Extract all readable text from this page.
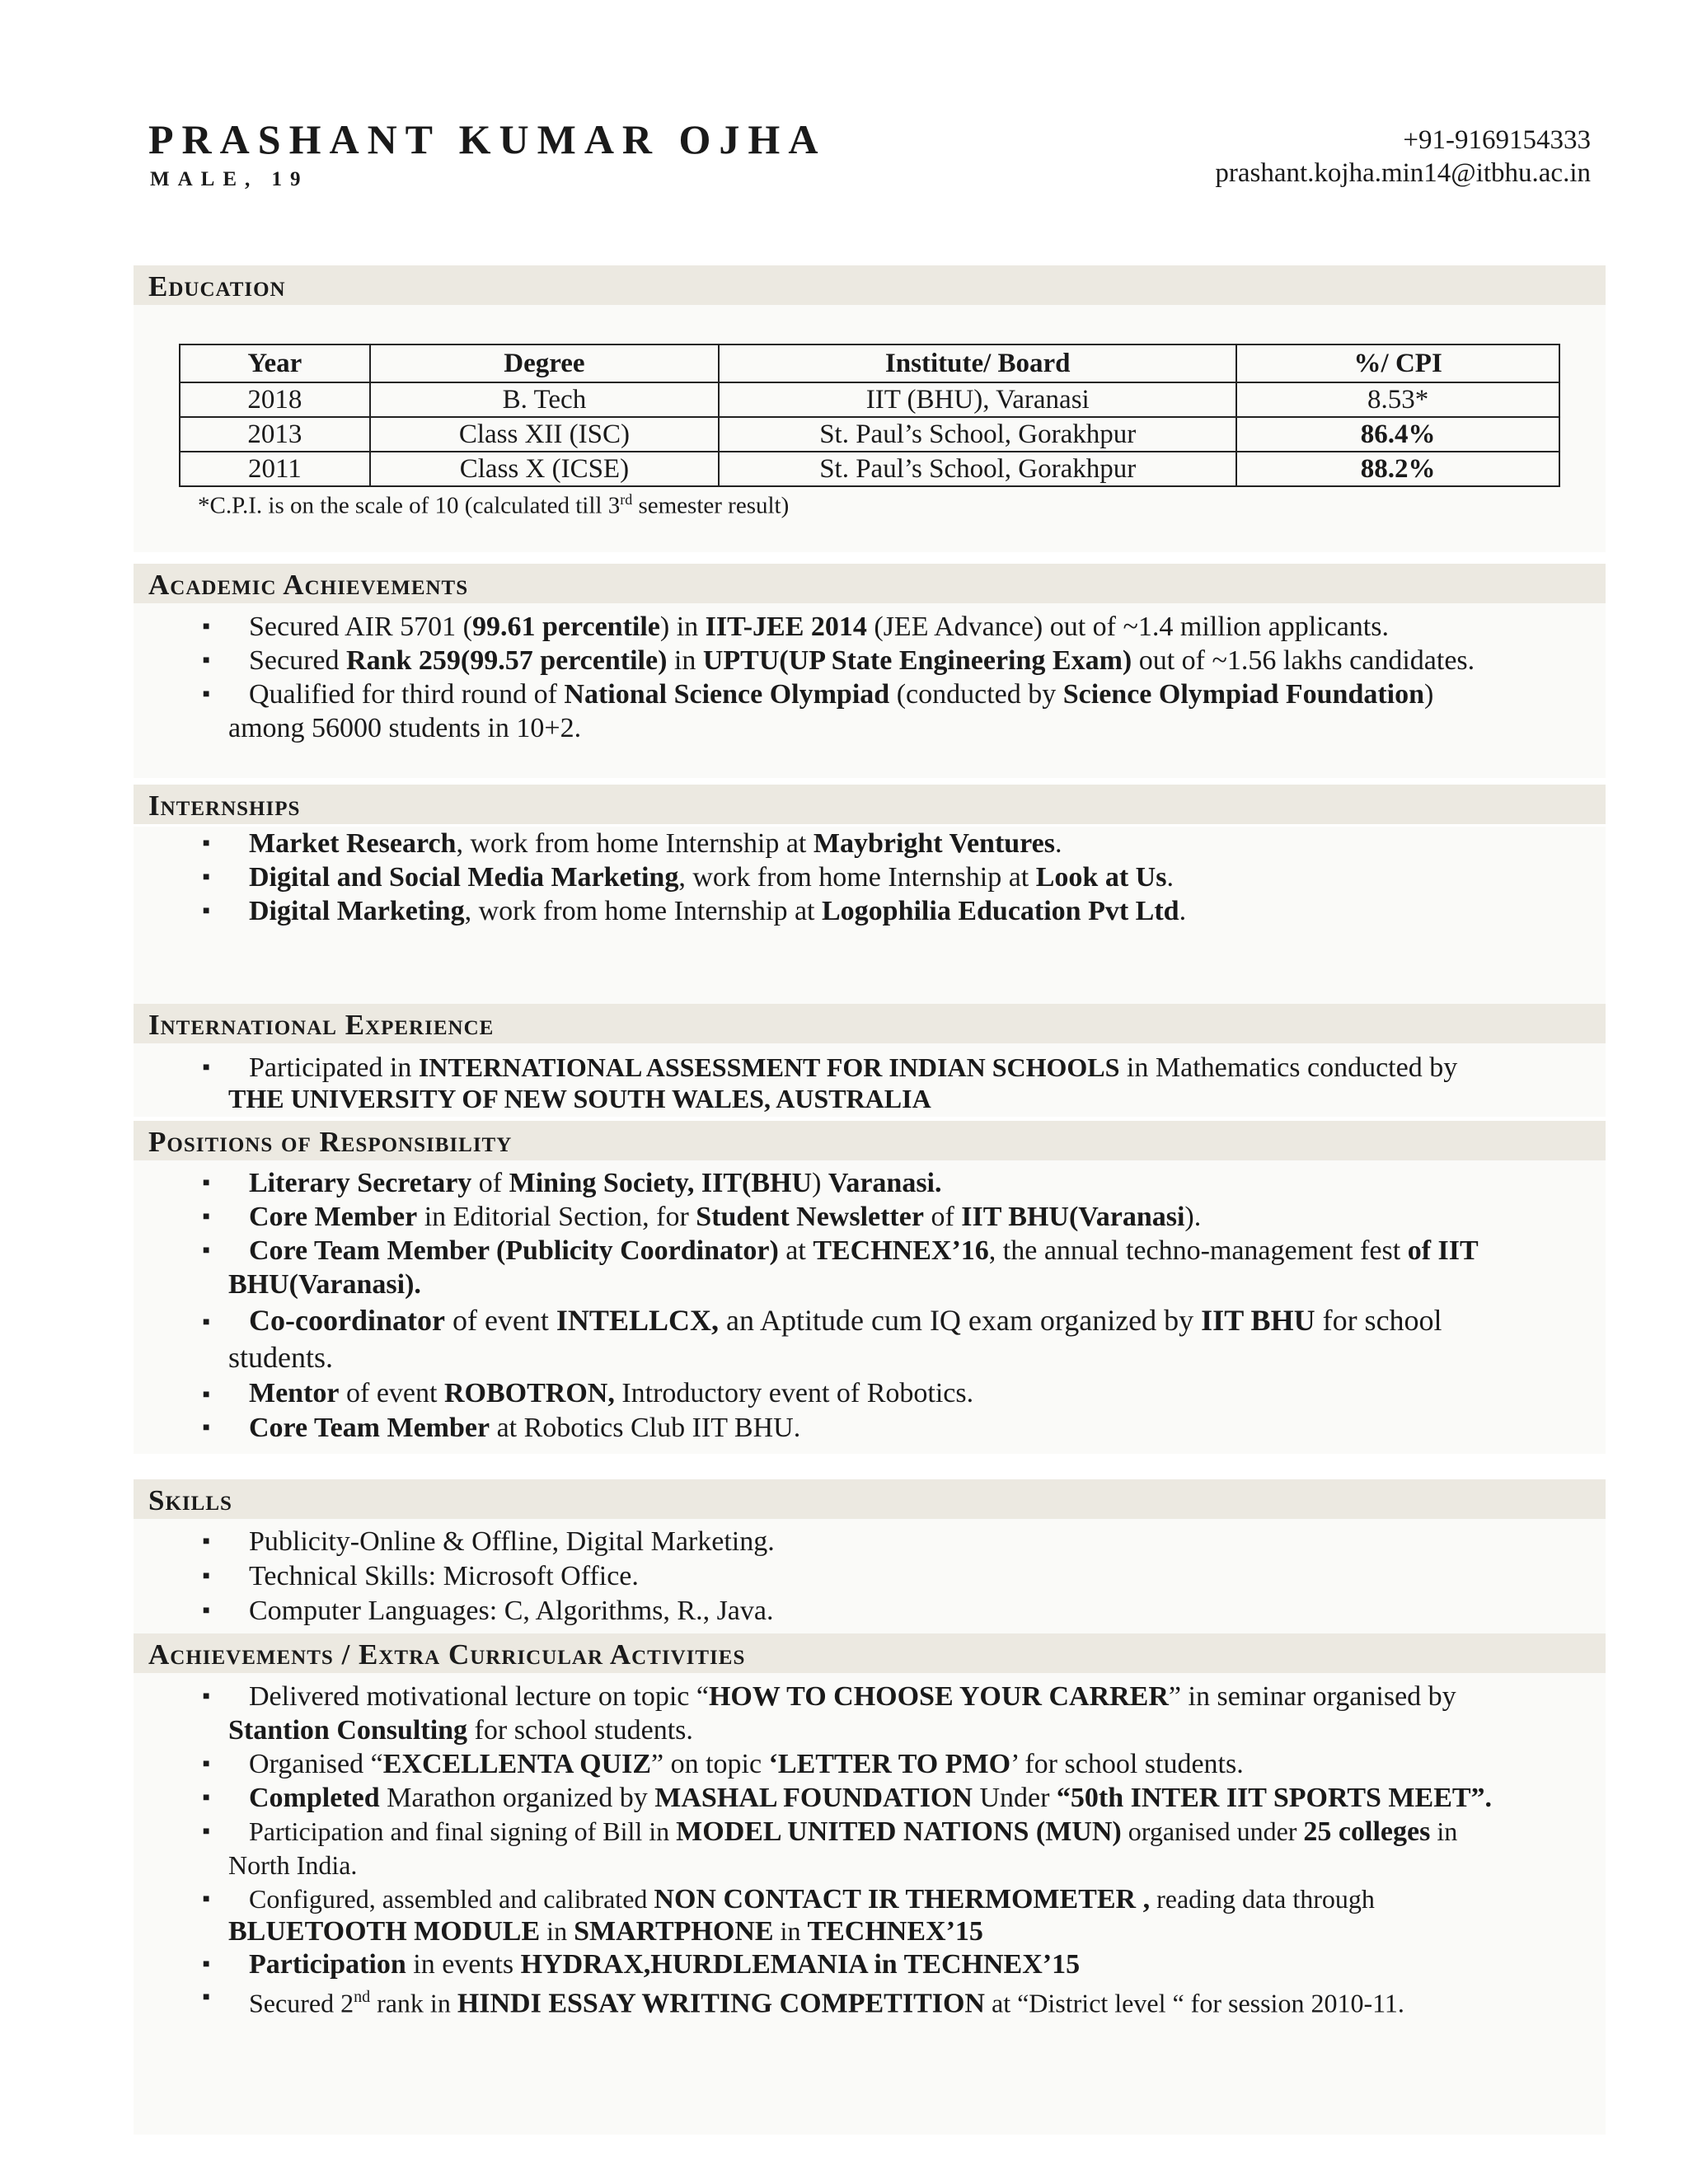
PRASHANT KUMAR OJHA
MALE, 19
+91-9169154333
prashant.kojha.min14@itbhu.ac.in
Education
Year	Degree	Institute/ Board	%/ CPI
2018	B. Tech	IIT (BHU), Varanasi	8.53*
2013	Class XII (ISC)	St. Paul’s School, Gorakhpur	86.4%
2011	Class X (ICSE)	St. Paul’s School, Gorakhpur	88.2%
*C.P.I. is on the scale of 10 (calculated till 3rd semester result)
Academic Achievements
■ Secured AIR 5701 (99.61 percentile) in IIT-JEE 2014 (JEE Advance) out of ~1.4 million applicants.
■ Secured Rank 259(99.57 percentile) in UPTU(UP State Engineering Exam) out of ~1.56 lakhs candidates.
■ Qualified for third round of National Science Olympiad (conducted by Science Olympiad Foundation)
among 56000 students in 10+2.
Internships
■ Market Research, work from home Internship at Maybright Ventures.
■ Digital and Social Media Marketing, work from home Internship at Look at Us.
■ Digital Marketing, work from home Internship at Logophilia Education Pvt Ltd.
International Experience
■ Participated in INTERNATIONAL ASSESSMENT FOR INDIAN SCHOOLS in Mathematics conducted by
THE UNIVERSITY OF NEW SOUTH WALES, AUSTRALIA
Positions of Responsibility
■ Literary Secretary of Mining Society, IIT(BHU) Varanasi.
■ Core Member in Editorial Section, for Student Newsletter of IIT BHU(Varanasi).
■ Core Team Member (Publicity Coordinator) at TECHNEX’16, the annual techno-management fest of IIT
BHU(Varanasi).
■ Co-coordinator of event INTELLCX, an Aptitude cum IQ exam organized by IIT BHU for school
students.
■ Mentor of event ROBOTRON, Introductory event of Robotics.
■ Core Team Member at Robotics Club IIT BHU.
Skills
■ Publicity-Online & Offline, Digital Marketing.
■ Technical Skills: Microsoft Office.
■ Computer Languages: C, Algorithms, R., Java.
Achievements / Extra Curricular Activities
■ Delivered motivational lecture on topic “HOW TO CHOOSE YOUR CARRER” in seminar organised by
Stantion Consulting for school students.
■ Organised “EXCELLENTA QUIZ” on topic ‘LETTER TO PMO’ for school students.
■ Completed Marathon organized by MASHAL FOUNDATION Under “50th INTER IIT SPORTS MEET”.
■ Participation and final signing of Bill in MODEL UNITED NATIONS (MUN) organised under 25 colleges in
North India.
■ Configured, assembled and calibrated NON CONTACT IR THERMOMETER , reading data through
BLUETOOTH MODULE in SMARTPHONE in TECHNEX’15
■ Participation in events HYDRAX,HURDLEMANIA in TECHNEX’15
■ Secured 2nd rank in HINDI ESSAY WRITING COMPETITION at “District level “ for session 2010-11.
